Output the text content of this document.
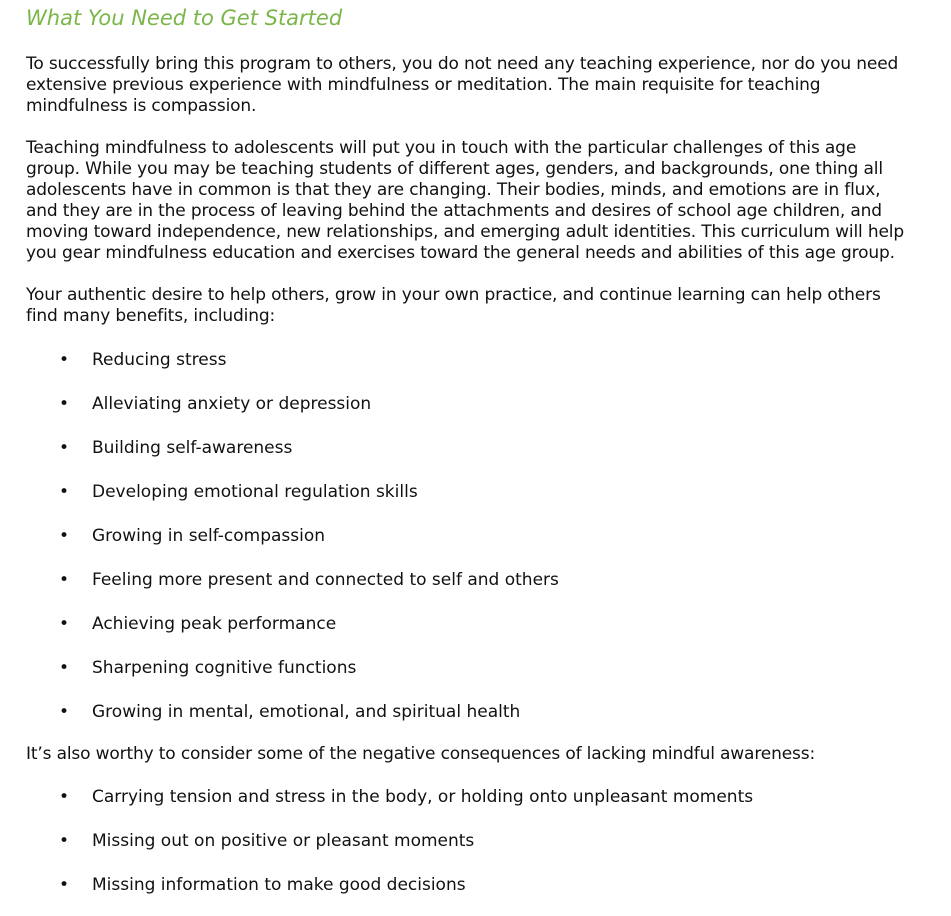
What You Need to Get Started

To successfully bring this program to others, you do not need any teaching experience, nor do you need extensive previous experience with mindfulness or meditation. The main requisite for teaching mindfulness is compassion.

Teaching mindfulness to adolescents will put you in touch with the particular challenges of this age group. While you may be teaching students of different ages, genders, and backgrounds, one thing all adolescents have in common is that they are changing. Their bodies, minds, and emotions are in flux, and they are in the process of leaving behind the attachments and desires of school age children, and moving toward independence, new relationships, and emerging adult identities. This curriculum will help you gear mindfulness education and exercises toward the general needs and abilities of this age group.

Your authentic desire to help others, grow in your own practice, and continue learning can help others find many benefits, including:

• Reducing stress
• Alleviating anxiety or depression
• Building self-awareness
• Developing emotional regulation skills
• Growing in self-compassion
• Feeling more present and connected to self and others
• Achieving peak performance
• Sharpening cognitive functions
• Growing in mental, emotional, and spiritual health

It’s also worthy to consider some of the negative consequences of lacking mindful awareness:

• Carrying tension and stress in the body, or holding onto unpleasant moments
• Missing out on positive or pleasant moments
• Missing information to make good decisions
